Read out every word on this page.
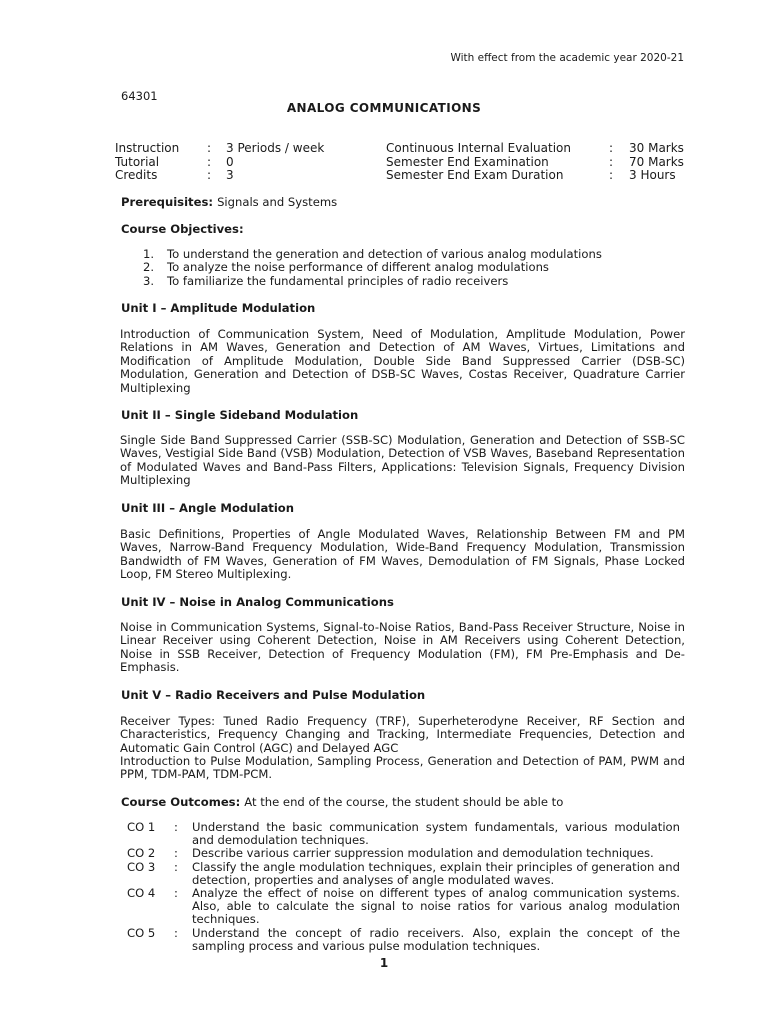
With effect from the academic year 2020-21
64301
ANALOG COMMUNICATIONS
Instruction : 3 Periods / week	Continuous Internal Evaluation	: 30 Marks
Tutorial	: 0	Semester End Examination	: 70 Marks
Credits	: 3	Semester End Exam Duration	: 3 Hours
Prerequisites: Signals and Systems
Course Objectives:
1. To understand the generation and detection of various analog modulations
2. To analyze the noise performance of different analog modulations
3. To familiarize the fundamental principles of radio receivers
Unit I – Amplitude Modulation
Introduction of Communication System, Need of Modulation, Amplitude Modulation, Power Relations in AM Waves, Generation and Detection of AM Waves, Virtues, Limitations and Modification of Amplitude Modulation, Double Side Band Suppressed Carrier (DSB-SC) Modulation, Generation and Detection of DSB-SC Waves, Costas Receiver, Quadrature Carrier Multiplexing
Unit II – Single Sideband Modulation
Single Side Band Suppressed Carrier (SSB-SC) Modulation, Generation and Detection of SSB-SC Waves, Vestigial Side Band (VSB) Modulation, Detection of VSB Waves, Baseband Representation of Modulated Waves and Band-Pass Filters, Applications: Television Signals, Frequency Division Multiplexing
Unit III – Angle Modulation
Basic Definitions, Properties of Angle Modulated Waves, Relationship Between FM and PM Waves, Narrow-Band Frequency Modulation, Wide-Band Frequency Modulation, Transmission Bandwidth of FM Waves, Generation of FM Waves, Demodulation of FM Signals, Phase Locked Loop, FM Stereo Multiplexing.
Unit IV – Noise in Analog Communications
Noise in Communication Systems, Signal-to-Noise Ratios, Band-Pass Receiver Structure, Noise in Linear Receiver using Coherent Detection, Noise in AM Receivers using Coherent Detection, Noise in SSB Receiver, Detection of Frequency Modulation (FM), FM Pre-Emphasis and De-Emphasis.
Unit V – Radio Receivers and Pulse Modulation
Receiver Types: Tuned Radio Frequency (TRF), Superheterodyne Receiver, RF Section and Characteristics, Frequency Changing and Tracking, Intermediate Frequencies, Detection and Automatic Gain Control (AGC) and Delayed AGC
Introduction to Pulse Modulation, Sampling Process, Generation and Detection of PAM, PWM and PPM, TDM-PAM, TDM-PCM.
Course Outcomes: At the end of the course, the student should be able to
CO 1 : Understand the basic communication system fundamentals, various modulation and demodulation techniques.
CO 2 : Describe various carrier suppression modulation and demodulation techniques.
CO 3 : Classify the angle modulation techniques, explain their principles of generation and detection, properties and analyses of angle modulated waves.
CO 4 : Analyze the effect of noise on different types of analog communication systems. Also, able to calculate the signal to noise ratios for various analog modulation techniques.
CO 5 : Understand the concept of radio receivers. Also, explain the concept of the sampling process and various pulse modulation techniques.
1
